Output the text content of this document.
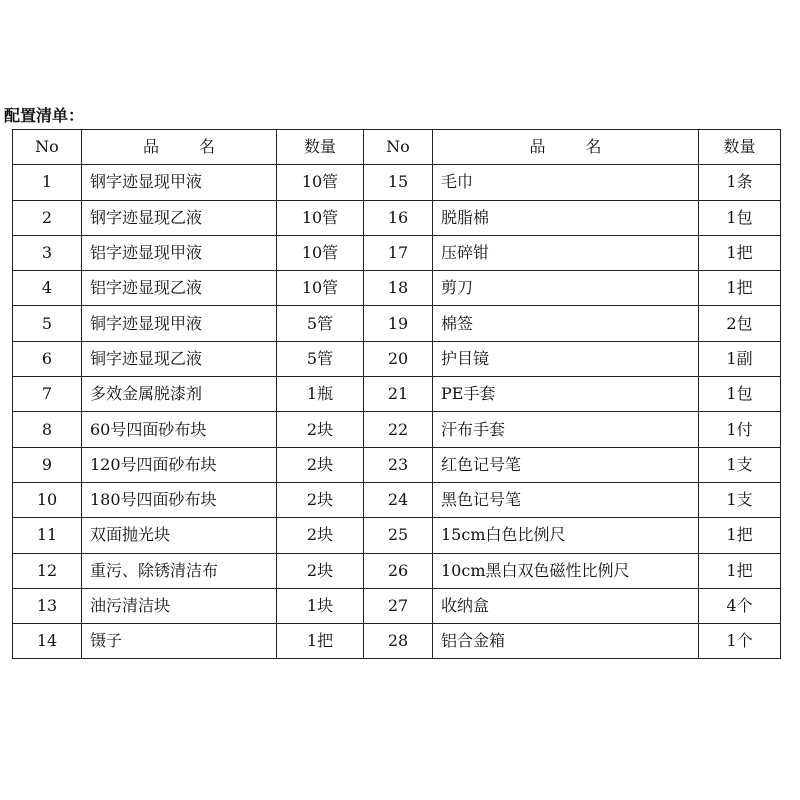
配置清单：
No	品 名	数量	No	品 名	数量
1	钢字迹显现甲液	10管	15	毛巾	1条
2	钢字迹显现乙液	10管	16	脱脂棉	1包
3	铝字迹显现甲液	10管	17	压碎钳	1把
4	铝字迹显现乙液	10管	18	剪刀	1把
5	铜字迹显现甲液	5管	19	棉签	2包
6	铜字迹显现乙液	5管	20	护目镜	1副
7	多效金属脱漆剂	1瓶	21	PE手套	1包
8	60号四面砂布块	2块	22	汗布手套	1付
9	120号四面砂布块	2块	23	红色记号笔	1支
10	180号四面砂布块	2块	24	黑色记号笔	1支
11	双面抛光块	2块	25	15cm白色比例尺	1把
12	重污、除锈清洁布	2块	26	10cm黑白双色磁性比例尺	1把
13	油污清洁块	1块	27	收纳盒	4个
14	镊子	1把	28	铝合金箱	1个
